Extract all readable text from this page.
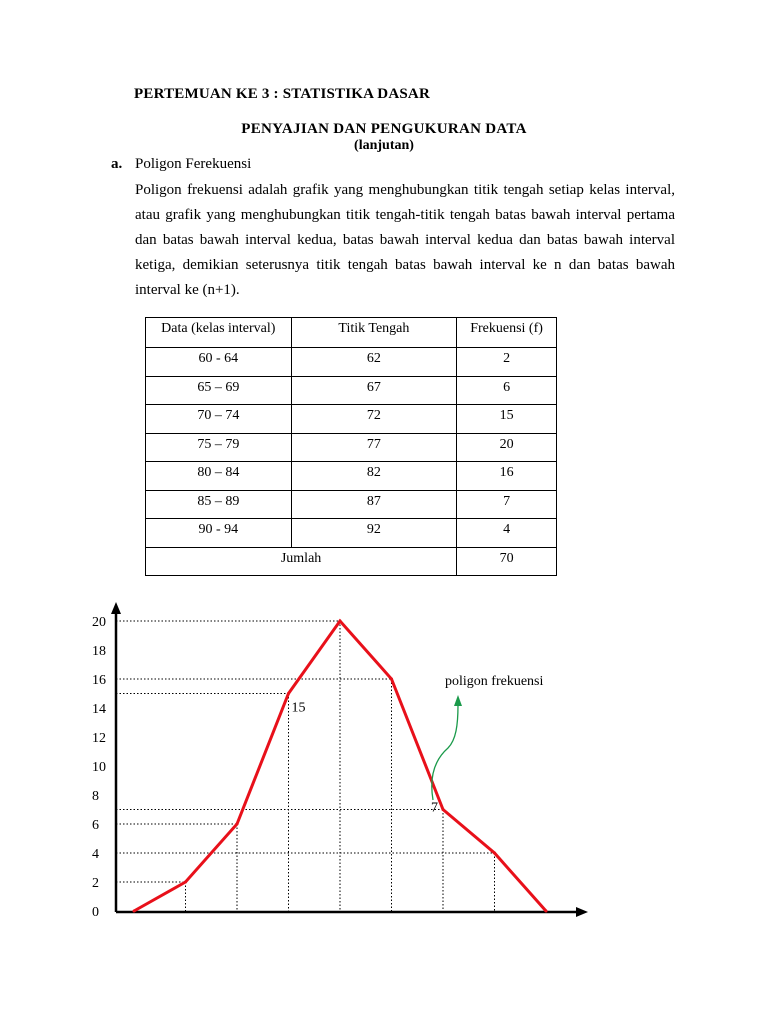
PERTEMUAN KE 3 : STATISTIKA DASAR
PENYAJIAN DAN PENGUKURAN DATA
(lanjutan)
a. Poligon Ferekuensi
Poligon frekuensi adalah grafik yang menghubungkan titik tengah setiap kelas interval, atau grafik yang menghubungkan titik tengah-titik tengah batas bawah interval pertama dan batas bawah interval kedua, batas bawah interval kedua dan batas bawah interval ketiga, demikian seterusnya titik tengah batas bawah interval ke n dan batas bawah interval ke (n+1).
Data (kelas interval)	Titik Tengah	Frekuensi (f)
60 - 64	62	2
65 – 69	67	6
70 – 74	72	15
75 – 79	77	20
80 – 84	82	16
85 – 89	87	7
90 - 94	92	4
Jumlah		70
0
2
4
6
8
10
12
14
16
18
20
15
7
poligon frekuensi
